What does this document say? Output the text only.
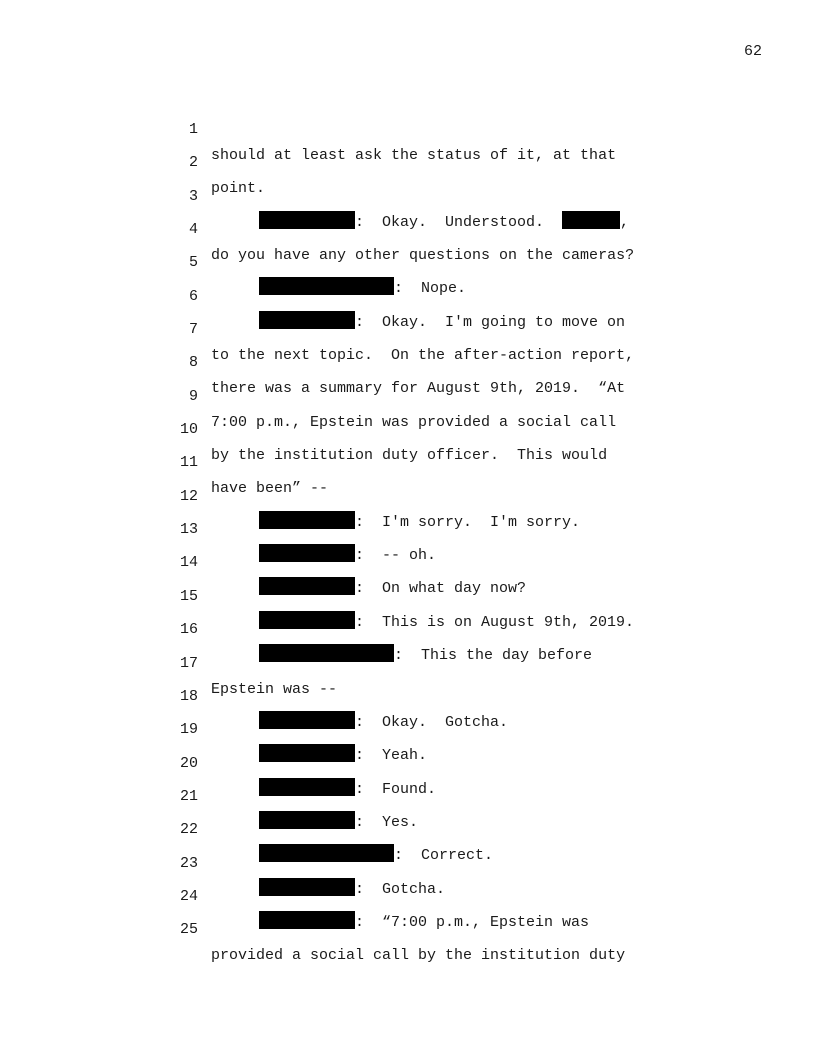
62

1

should at least ask the status of it, at that

2

point.

3

:  Okay.  Understood.	,

4

do you have any other questions on the cameras?

5

:  Nope.

6

:  Okay.  I'm going to move on

7

to the next topic.  On the after-action report,

8

there was a summary for August 9th, 2019.  “At

9

7:00 p.m., Epstein was provided a social call

10

by the institution duty officer.  This would

11

have been” --

12

:  I'm sorry.  I'm sorry.

13

:  -- oh.

14

:  On what day now?

15

:  This is on August 9th, 2019.

16

:  This the day before

17

Epstein was --

18

:  Okay.  Gotcha.

19

:  Yeah.

20

:  Found.

21

:  Yes.

22

:  Correct.

23

:  Gotcha.

24

:  “7:00 p.m., Epstein was

25

provided a social call by the institution duty
